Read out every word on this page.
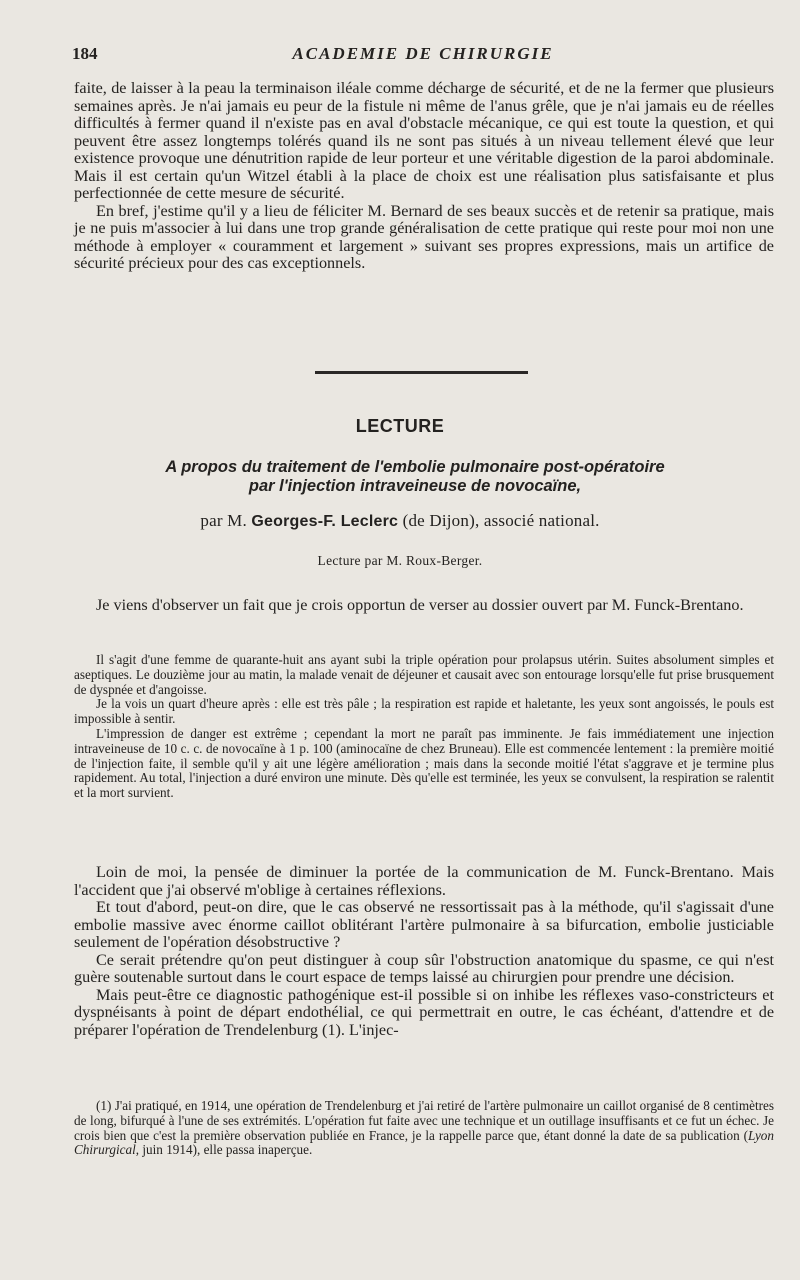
184	ACADEMIE DE CHIRURGIE

faite, de laisser à la peau la terminaison iléale comme décharge de sécurité, et de ne la fermer que plusieurs semaines après. Je n'ai jamais eu peur de la fistule ni même de l'anus grêle, que je n'ai jamais eu de réelles difficultés à fermer quand il n'existe pas en aval d'obstacle mécanique, ce qui est toute la question, et qui peuvent être assez longtemps tolérés quand ils ne sont pas situés à un niveau tellement élevé que leur existence provoque une dénutrition rapide de leur porteur et une véritable digestion de la paroi abdominale. Mais il est certain qu'un Witzel établi à la place de choix est une réalisation plus satisfaisante et plus perfectionnée de cette mesure de sécurité.

En bref, j'estime qu'il y a lieu de féliciter M. Bernard de ses beaux succès et de retenir sa pratique, mais je ne puis m'associer à lui dans une trop grande généralisation de cette pratique qui reste pour moi non une méthode à employer « couramment et largement » suivant ses propres expressions, mais un artifice de sécurité précieux pour des cas exceptionnels.

LECTURE
A propos du traitement de l'embolie pulmonaire post-opératoire
par l'injection intraveineuse de novocaïne,
par M. Georges-F. Leclerc (de Dijon), associé national.
Lecture par M. Roux-Berger.

Je viens d'observer un fait que je crois opportun de verser au dossier ouvert par M. Funck-Brentano.

Il s'agit d'une femme de quarante-huit ans ayant subi la triple opération pour prolapsus utérin. Suites absolument simples et aseptiques. Le douzième jour au matin, la malade venait de déjeuner et causait avec son entourage lorsqu'elle fut prise brusquement de dyspnée et d'angoisse.

Je la vois un quart d'heure après : elle est très pâle ; la respiration est rapide et haletante, les yeux sont angoissés, le pouls est impossible à sentir.

L'impression de danger est extrême ; cependant la mort ne paraît pas imminente. Je fais immédiatement une injection intraveineuse de 10 c. c. de novocaïne à 1 p. 100 (aminocaïne de chez Bruneau). Elle est commencée lentement : la première moitié de l'injection faite, il semble qu'il y ait une légère amélioration ; mais dans la seconde moitié l'état s'aggrave et je termine plus rapidement. Au total, l'injection a duré environ une minute. Dès qu'elle est terminée, les yeux se convulsent, la respiration se ralentit et la mort survient.

Loin de moi, la pensée de diminuer la portée de la communication de M. Funck-Brentano. Mais l'accident que j'ai observé m'oblige à certaines réflexions.

Et tout d'abord, peut-on dire, que le cas observé ne ressortissait pas à la méthode, qu'il s'agissait d'une embolie massive avec énorme caillot oblitérant l'artère pulmonaire à sa bifurcation, embolie justiciable seulement de l'opération désobstructive ?

Ce serait prétendre qu'on peut distinguer à coup sûr l'obstruction anatomique du spasme, ce qui n'est guère soutenable surtout dans le court espace de temps laissé au chirurgien pour prendre une décision.

Mais peut-être ce diagnostic pathogénique est-il possible si on inhibe les réflexes vaso-constricteurs et dyspnéisants à point de départ endothélial, ce qui permettrait en outre, le cas échéant, d'attendre et de préparer l'opération de Trendelenburg (1). L'injec-

(1) J'ai pratiqué, en 1914, une opération de Trendelenburg et j'ai retiré de l'artère pulmonaire un caillot organisé de 8 centimètres de long, bifurqué à l'une de ses extrémités. L'opération fut faite avec une technique et un outillage insuffisants et ce fut un échec. Je crois bien que c'est la première observation publiée en France, je la rappelle parce que, étant donné la date de sa publication (Lyon Chirurgical, juin 1914), elle passa inaperçue.
